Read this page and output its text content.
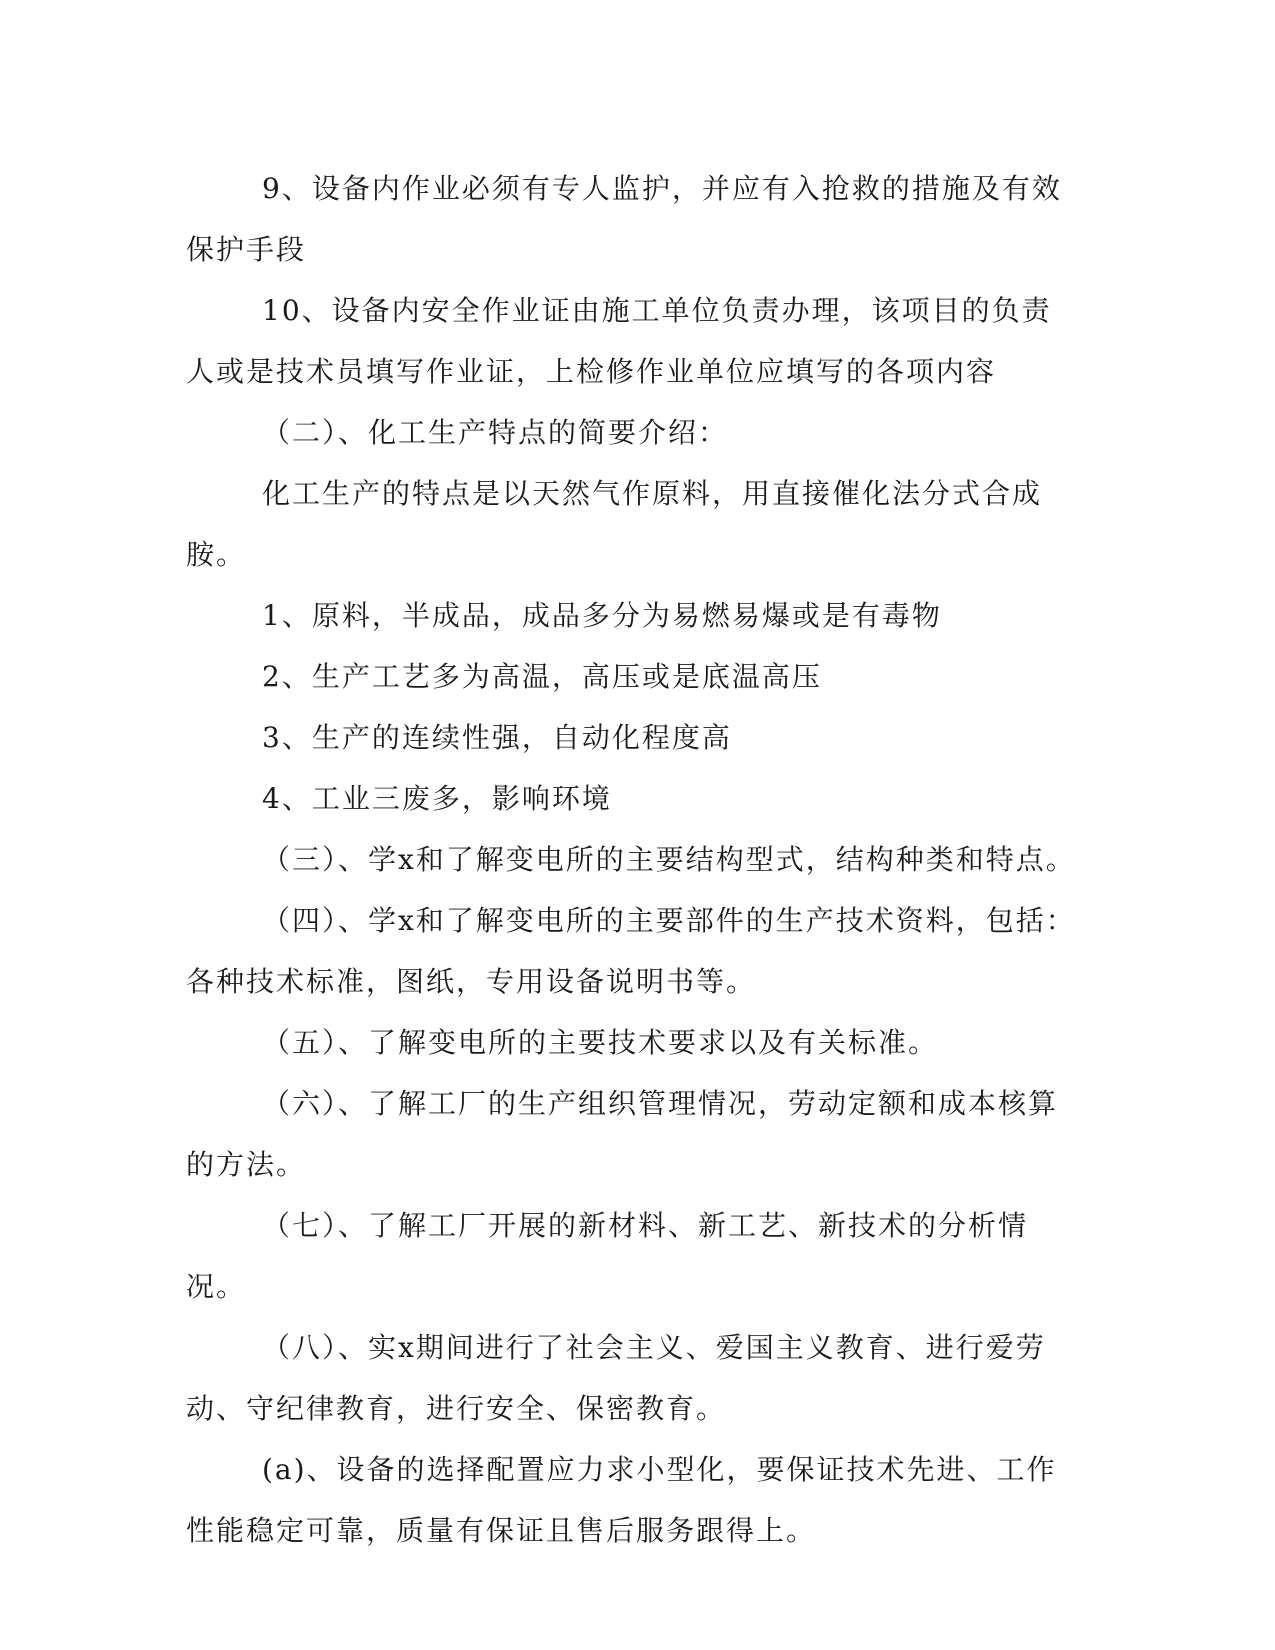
9、设备内作业必须有专人监护，并应有入抢救的措施及有效保护手段

10、设备内安全作业证由施工单位负责办理，该项目的负责人或是技术员填写作业证，上检修作业单位应填写的各项内容

（二）、化工生产特点的简要介绍：

化工生产的特点是以天然气作原料，用直接催化法分式合成胺。

1、原料，半成品，成品多分为易燃易爆或是有毒物

2、生产工艺多为高温，高压或是底温高压

3、生产的连续性强，自动化程度高

4、工业三废多，影响环境

（三）、学x和了解变电所的主要结构型式，结构种类和特点。

（四）、学x和了解变电所的主要部件的生产技术资料，包括：各种技术标准，图纸，专用设备说明书等。

（五）、了解变电所的主要技术要求以及有关标准。

（六）、了解工厂的生产组织管理情况，劳动定额和成本核算的方法。

（七）、了解工厂开展的新材料、新工艺、新技术的分析情况。

（八）、实x期间进行了社会主义、爱国主义教育、进行爱劳动、守纪律教育，进行安全、保密教育。

(a)、设备的选择配置应力求小型化，要保证技术先进、工作性能稳定可靠，质量有保证且售后服务跟得上。
